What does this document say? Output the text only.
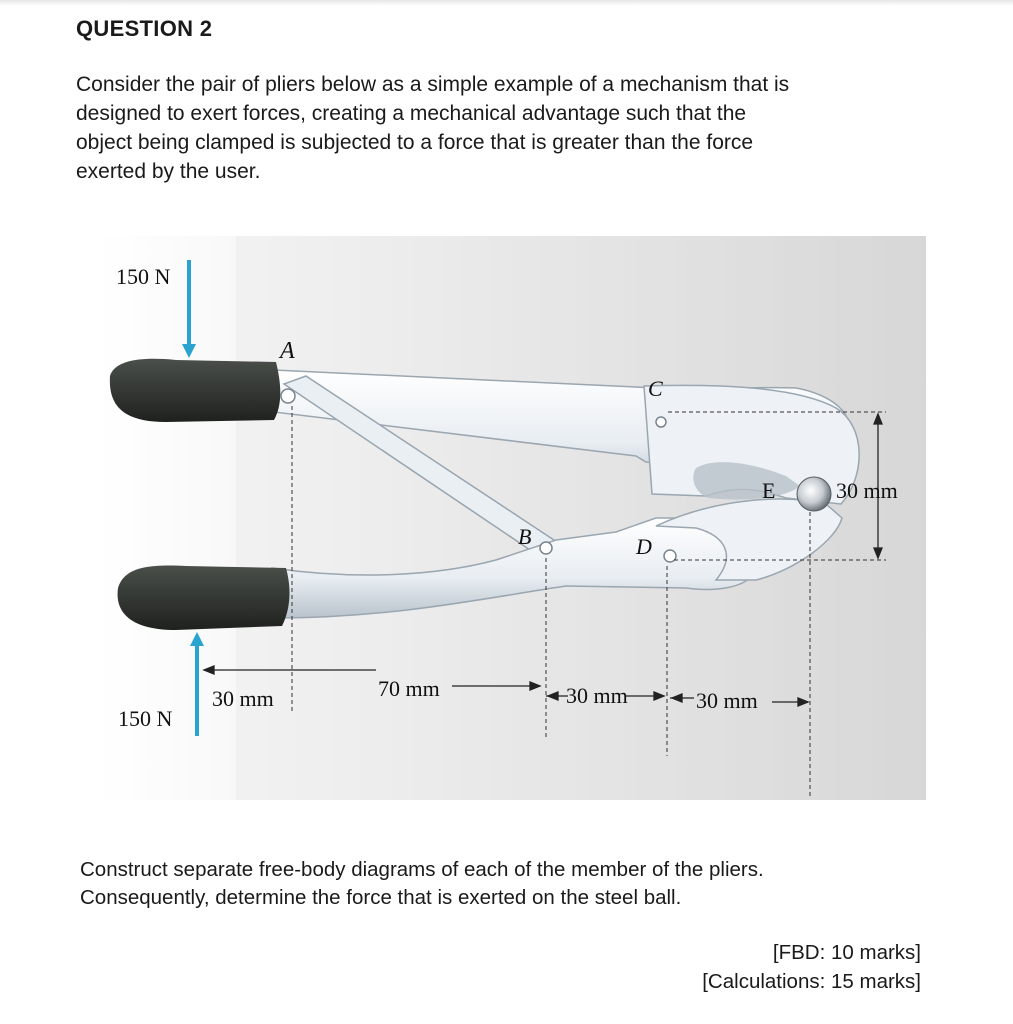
QUESTION 2
Consider the pair of pliers below as a simple example of a mechanism that is
designed to exert forces, creating a mechanical advantage such that the
object being clamped is subjected to a force that is greater than the force
exerted by the user.
150 N
150 N
A
B
C
D
E	30 mm
30 mm	70 mm	30 mm	30 mm
Construct separate free-body diagrams of each of the member of the pliers.
Consequently, determine the force that is exerted on the steel ball.
[FBD: 10 marks]
[Calculations: 15 marks]
